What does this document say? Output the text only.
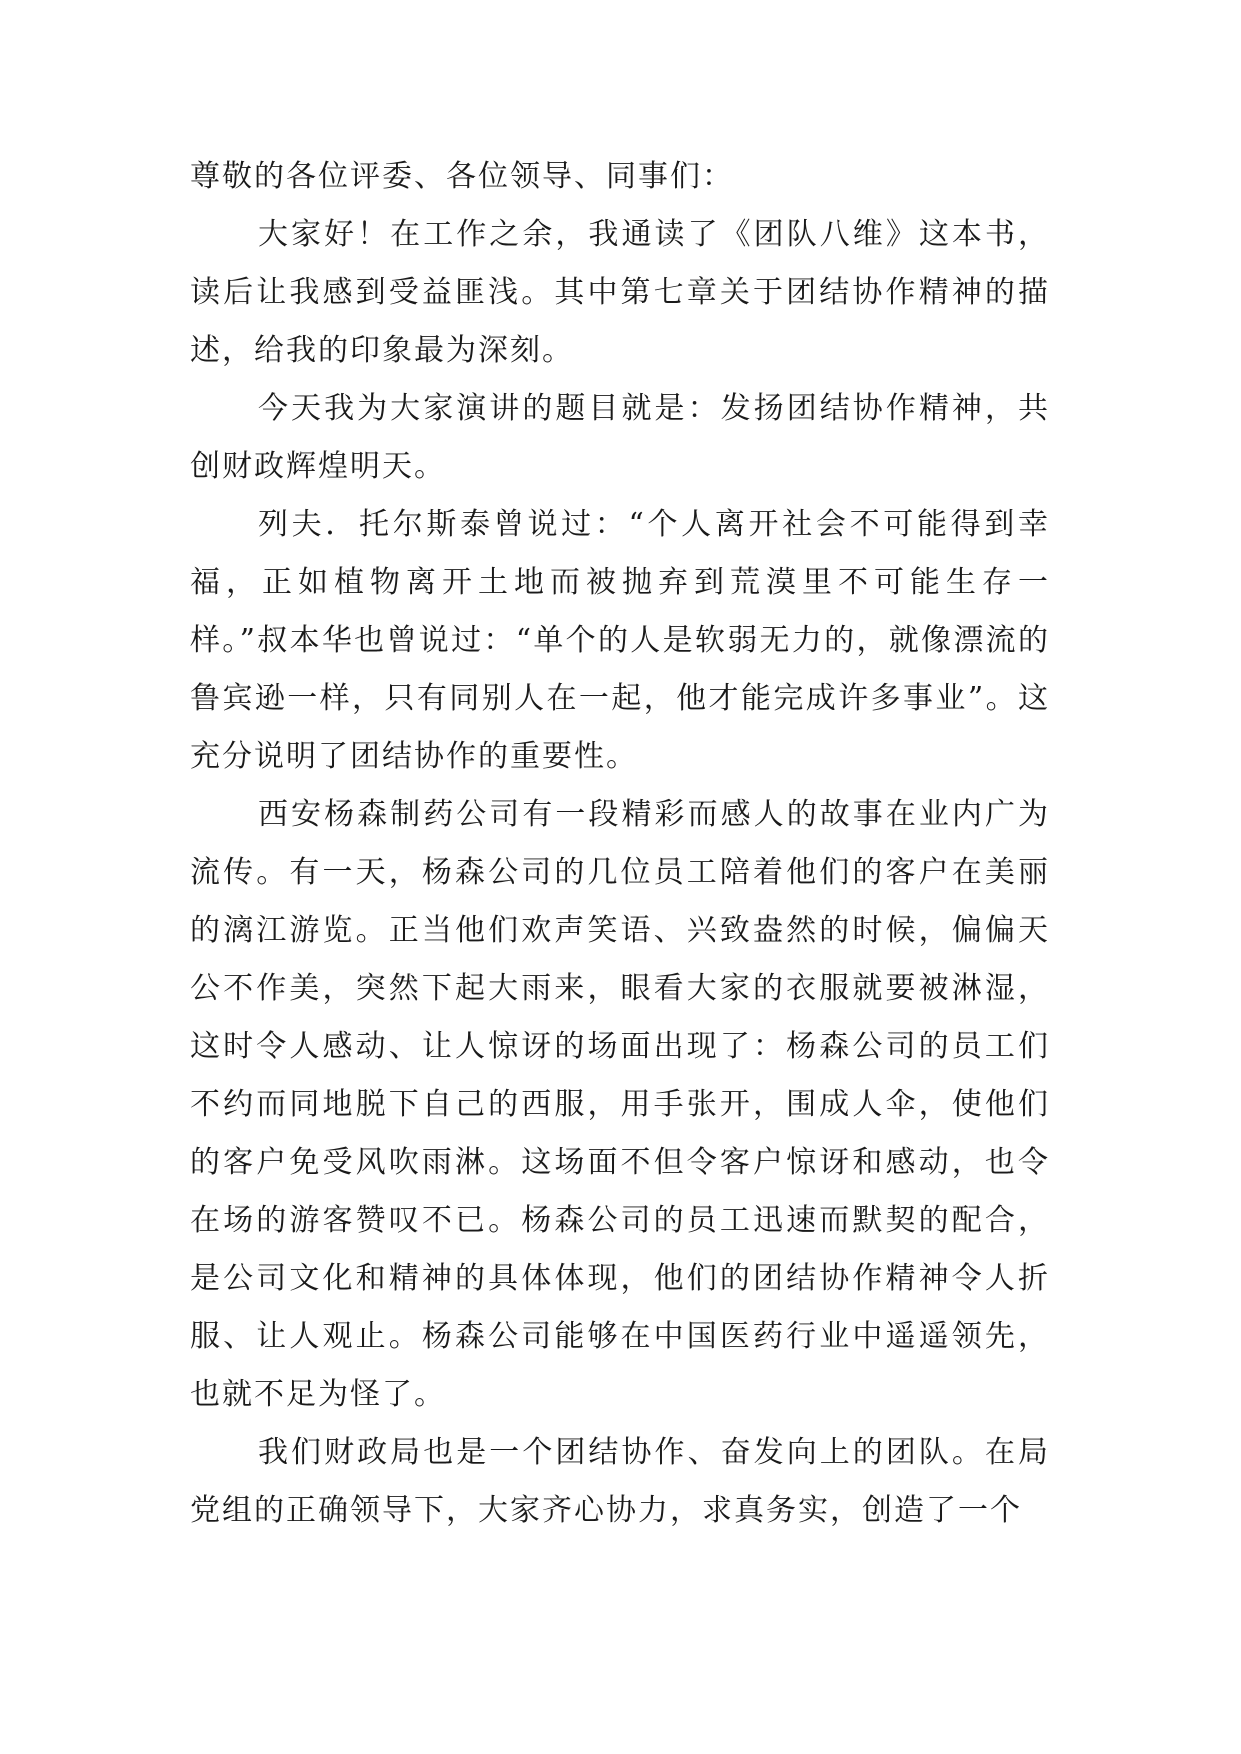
尊敬的各位评委、各位领导、同事们：

大家好！在工作之余，我通读了《团队八维》这本书，读后让我感到受益匪浅。其中第七章关于团结协作精神的描述，给我的印象最为深刻。

今天我为大家演讲的题目就是：发扬团结协作精神，共创财政辉煌明天。

列夫．托尔斯泰曾说过：“个人离开社会不可能得到幸福，正如植物离开土地而被抛弃到荒漠里不可能生存一样。”叔本华也曾说过：“单个的人是软弱无力的，就像漂流的鲁宾逊一样，只有同别人在一起，他才能完成许多事业”。这充分说明了团结协作的重要性。

西安杨森制药公司有一段精彩而感人的故事在业内广为流传。有一天，杨森公司的几位员工陪着他们的客户在美丽的漓江游览。正当他们欢声笑语、兴致盎然的时候，偏偏天公不作美，突然下起大雨来，眼看大家的衣服就要被淋湿，这时令人感动、让人惊讶的场面出现了：杨森公司的员工们不约而同地脱下自己的西服，用手张开，围成人伞，使他们的客户免受风吹雨淋。这场面不但令客户惊讶和感动，也令在场的游客赞叹不已。杨森公司的员工迅速而默契的配合，是公司文化和精神的具体体现，他们的团结协作精神令人折服、让人观止。杨森公司能够在中国医药行业中遥遥领先，也就不足为怪了。

我们财政局也是一个团结协作、奋发向上的团队。在局党组的正确领导下，大家齐心协力，求真务实，创造了一个
